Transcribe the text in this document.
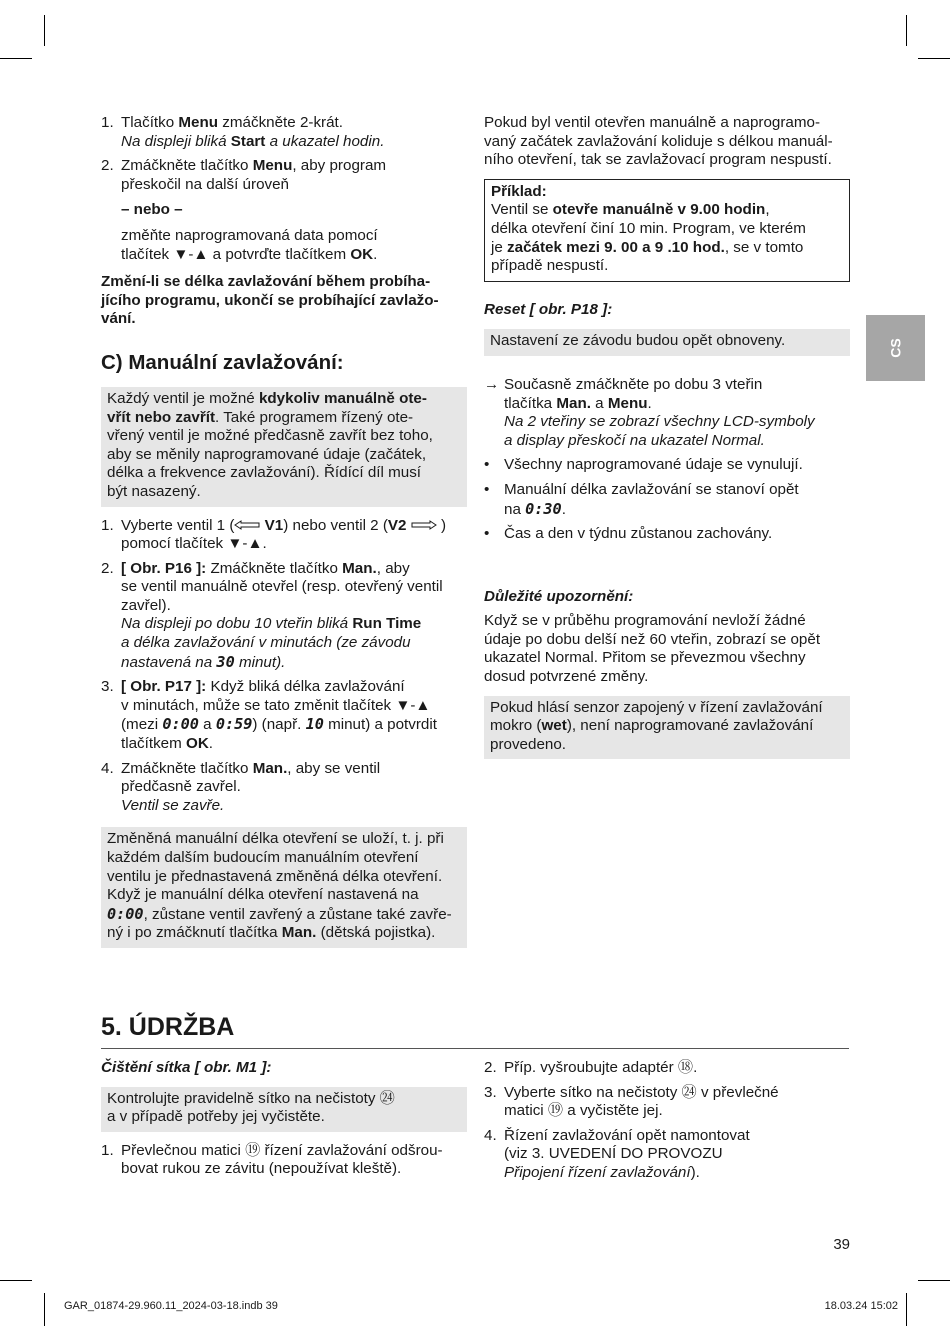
1. Tlačítko Menu zmáčkněte 2-krát.
Na displeji bliká Start a ukazatel hodin.
2. Zmáčkněte tlačítko Menu, aby program
přeskočil na další úroveň
– nebo –
změňte naprogramovaná data pomocí
tlačítek ▼-▲ a potvrďte tlačítkem OK.

Změní-li se délka zavlažování během probíha-
jícího programu, ukončí se probíhající zavlažo-
vání.

C) Manuální zavlažování:
Každý ventil je možné kdykoliv manuálně ote-
vřít nebo zavřít. Také programem řízený ote-
vřený ventil je možné předčasně zavřít bez toho,
aby se měnily naprogramované údaje (začátek,
délka a frekvence zavlažování). Řídící díl musí
být nasazený.
1. Vyberte ventil 1 ( V1) nebo ventil 2 (V2  )
pomocí tlačítek ▼-▲.
2. [ Obr. P16 ]: Zmáčkněte tlačítko Man., aby
se ventil manuálně otevřel (resp. otevřený ventil
zavřel).
Na displeji po dobu 10 vteřin bliká Run Time
a délka zavlažování v minutách (ze závodu
nastavená na 30 minut).
3. [ Obr. P17 ]: Když bliká délka zavlažování
v minutách, může se tato změnit tlačítek ▼-▲
(mezi 0:00 a 0:59) (např. 10 minut) a potvrdit
tlačítkem OK.
4. Zmáčkněte tlačítko Man., aby se ventil
předčasně zavřel.
Ventil se zavře.
Změněná manuální délka otevření se uloží, t. j. při
každém dalším budoucím manuálním otevření
ventilu je přednastavená změněná délka otevření.
Když je manuální délka otevření nastavená na
0:00, zůstane ventil zavřený a zůstane také zavře-
ný i po zmáčknutí tlačítka Man. (dětská pojistka).

Pokud byl ventil otevřen manuálně a naprogramo-
vaný začátek zavlažování koliduje s délkou manuál-
ního otevření, tak se zavlažovací program nespustí.

Příklad:
Ventil se otevře manuálně v 9.00 hodin,
délka otevření činí 10 min. Program, ve kterém
je začátek mezi 9. 00 a 9 .10 hod., se v tomto
případě nespustí.
Reset [ obr. P18 ]:
Nastavení ze závodu budou opět obnoveny.
→ Současně zmáčkněte po dobu 3 vteřin
tlačítka Man. a Menu.
Na 2 vteřiny se zobrazí všechny LCD-symboly
a display přeskočí na ukazatel Normal.
• Všechny naprogramované údaje se vynulují.
• Manuální délka zavlažování se stanoví opět
na 0:30.
• Čas a den v týdnu zůstanou zachovány.
Důležité upozornění:

Když se v průběhu programování nevloží žádné
údaje po dobu delší než 60 vteřin, zobrazí se opět
ukazatel Normal. Přitom se převezmou všechny
dosud potvrzené změny.

Pokud hlásí senzor zapojený v řízení zavlažování
mokro (wet), není naprogramované zavlažování
provedeno.
CS
5. ÚDRŽBA
Čištění sítka [ obr. M1 ]:
Kontrolujte pravidelně sítko na nečistoty ㉔
a v případě potřeby jej vyčistěte.
1. Převlečnou matici ⑲ řízení zavlažování odšrou-
bovat rukou ze závitu (nepoužívat kleště).
2. Příp. vyšroubujte adaptér ⑱.
3. Vyberte sítko na nečistoty ㉔ v převlečné
matici ⑲ a vyčistěte jej.
4. Řízení zavlažování opět namontovat
(viz 3. UVEDENÍ DO PROVOZU
Připojení řízení zavlažování).
39
GAR_01874-29.960.11_2024-03-18.indb 39	18.03.24 15:02
